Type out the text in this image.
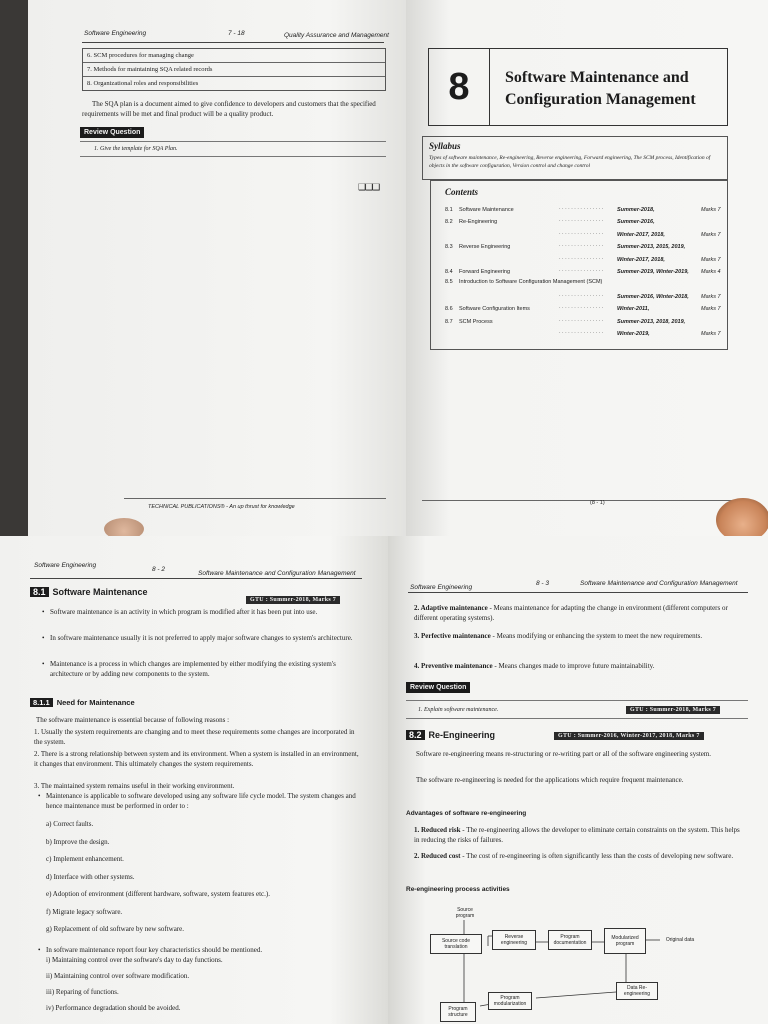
Software Engineering	7 - 18	Quality Assurance and Management
6. SCM procedures for managing change
7. Methods for maintaining SQA related records
8. Organizational roles and responsibilities
The SQA plan is a document aimed to give confidence to developers and customers that the specified requirements will be met and final product will be a quality product.
Review Question
1. Give the template for SQA Plan.
❑❑❑
TECHNICAL PUBLICATIONS® - An up thrust for knowledge
8	Software Maintenance and
Configuration Management
Syllabus
Types of software maintenance, Re-engineering, Reverse engineering, Forward engineering, The SCM process, Identification of objects in the software configuration, Version control and change control
Contents
8.1 Software Maintenance	. . . . . . . . . . . . . . . Summer-2018,	Marks 7
8.2 Re-Engineering	. . . . . . . . . . . . . . . Summer-2016,
. . . . . . . . . . . . . . . Winter-2017, 2018,	Marks 7
8.3 Reverse Engineering	. . . . . . . . . . . . . . . Summer-2013, 2015, 2019,
. . . . . . . . . . . . . . . Winter-2017, 2018,	Marks 7
8.4 Forward Engineering	. . . . . . . . . . . . . . . Summer-2019, Winter-2019, Marks 4
8.5 Introduction to Software Configuration Management (SCM)
. . . . . . . . . . . . . . . Summer-2016, Winter-2018, Marks 7
8.6 Software Configuration Items	. . . . . . . . . . . . . . . Winter-2011,	Marks 7
8.7 SCM Process	. . . . . . . . . . . . . . . Summer-2013, 2018, 2019,
. . . . . . . . . . . . . . . Winter-2019,	Marks 7
(8 - 1)
Software Engineering
8 - 2
Software Maintenance and Configuration Management
8.1 Software Maintenance
GTU : Summer-2018, Marks 7
• Software maintenance is an activity in which program is modified after it has been put into use.
• In software maintenance usually it is not preferred to apply major software changes to system's architecture.
• Maintenance is a process in which changes are implemented by either modifying the existing system's architecture or by adding new components to the system.
8.1.1 Need for Maintenance
The software maintenance is essential because of following reasons :
1. Usually the system requirements are changing and to meet these requirements some changes are incorporated in the system.
2. There is a strong relationship between system and its environment. When a system is installed in an environment, it changes that environment. This ultimately changes the system requirements.
3. The maintained system remains useful in their working environment.
• Maintenance is applicable to software developed using any software life cycle model. The system changes and hence maintenance must be performed in order to :
a) Correct faults.
b) Improve the design.
c) Implement enhancement.
d) Interface with other systems.
e) Adoption of environment (different hardware, software, system features etc.).
f) Migrate legacy software.
g) Replacement of old software by new software.
• In software maintenance report four key characteristics should be mentioned.
i) Maintaining control over the software's day to day functions.
ii) Maintaining control over software modification.
iii) Reparing of functions.
iv) Performance degradation should be avoided.
Software Engineering
8 - 3	Software Maintenance and Configuration Management
2. Adaptive maintenance - Means maintenance for adapting the change in environment (different computers or different operating systems).
3. Perfective maintenance - Means modifying or enhancing the system to meet the new requirements.
4. Preventive maintenance - Means changes made to improve future maintainability.
Review Question
1. Explain software maintenance.	GTU : Summer-2018, Marks 7
8.2 Re-Engineering	GTU : Summer-2016, Winter-2017, 2018, Marks 7
Software re-engineering means re-structuring or re-writing part or all of the software engineering system.
The software re-engineering is needed for the applications which require frequent maintenance.
Advantages of software re-engineering
1. Reduced risk - The re-engineering allows the developer to eliminate certain constraints on the system. This helps in reducing the risks of failures.
2. Reduced cost - The cost of re-engineering is often significantly less than the costs of developing new software.
Re-engineering process activities
Source program
Source code translation
Reverse engineering
Program documentation
Modularized program
Original data
Data Re-engineering
Program modularization
Program structure
